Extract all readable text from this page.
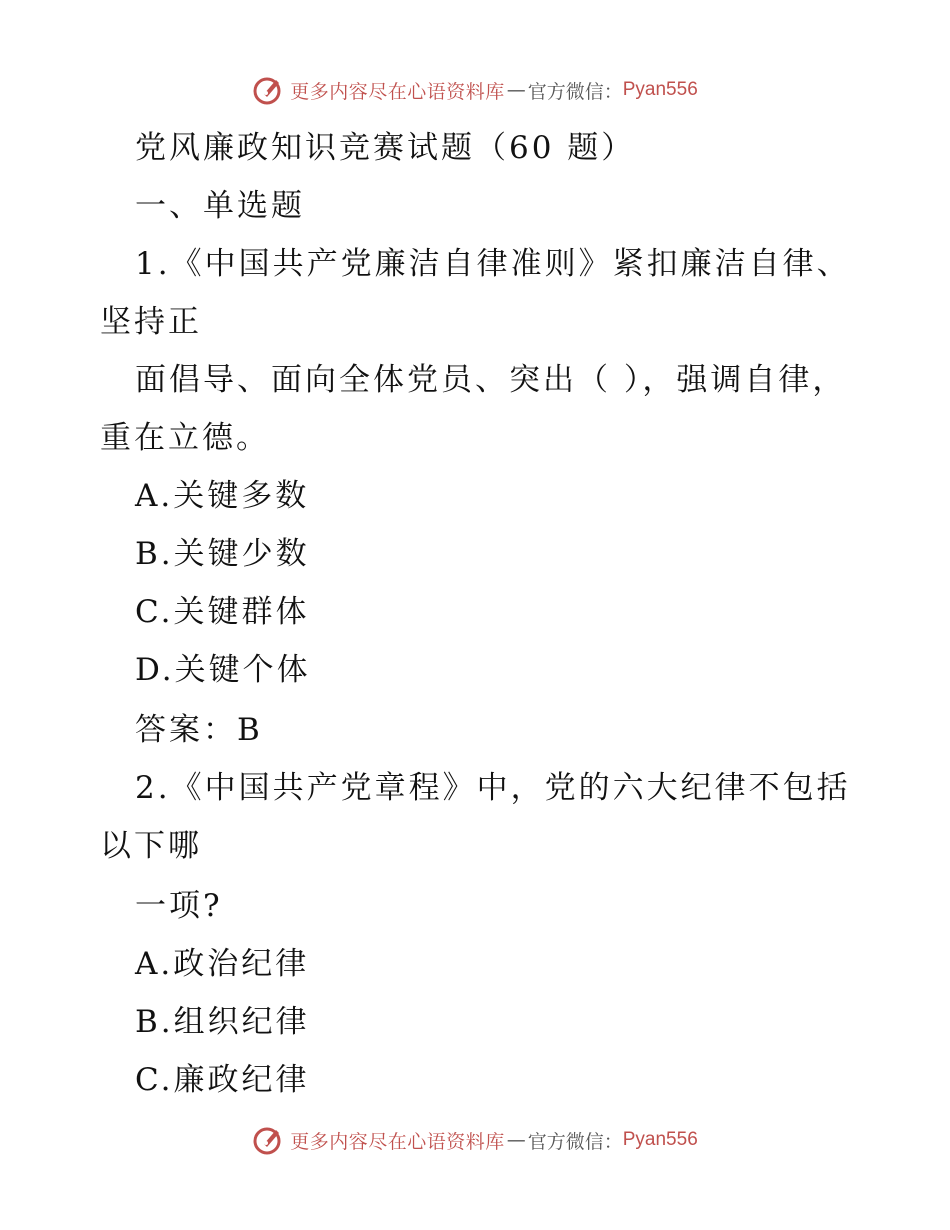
更多内容尽在心语资料库 — 官方微信： Pyan556
党风廉政知识竞赛试题（60 题）
一、单选题
1.《中国共产党廉洁自律准则》紧扣廉洁自律、
坚持正
面倡导、面向全体党员、突出（ ），强调自律，
重在立德。
A.关键多数
B.关键少数
C.关键群体
D.关键个体
答案：B
2.《中国共产党章程》中，党的六大纪律不包括
以下哪
一项?
A.政治纪律
B.组织纪律
C.廉政纪律
更多内容尽在心语资料库 — 官方微信： Pyan556
